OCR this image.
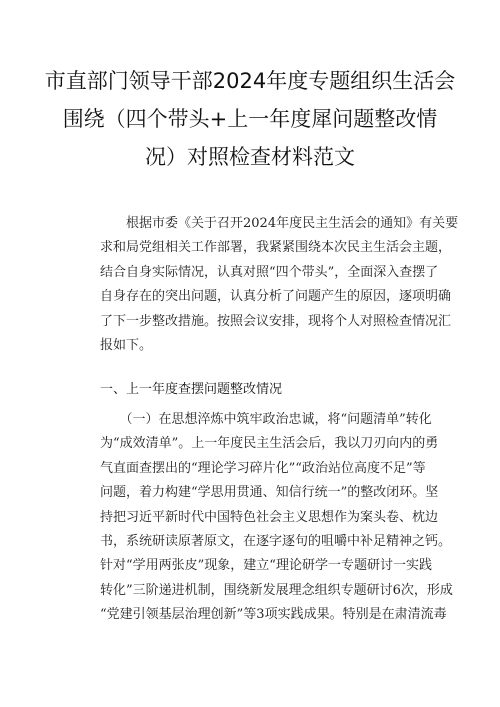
市直部门领导干部2024年度专题组织生活会
围绕（四个带头+上一年度犀问题整改情
况）对照检查材料范文
　　根据市委《关于召开2024年度民主生活会的通知》有关要
求和局党组相关工作部署，我紧紧围绕本次民主生活会主题，
结合自身实际情况，认真对照“四个带头”，全面深入查摆了
自身存在的突出问题，认真分析了问题产生的原因，逐项明确
了下一步整改措施。按照会议安排，现将个人对照检查情况汇
报如下。
一、上一年度查摆问题整改情况
　　（一）在思想淬炼中筑牢政治忠诚，将“问题清单”转化
为“成效清单”。上一年度民主生活会后，我以刀刃向内的勇
气直面查摆出的“理论学习碎片化”“政治站位高度不足”等
问题，着力构建“学思用贯通、知信行统一”的整改闭环。坚
持把习近平新时代中国特色社会主义思想作为案头卷、枕边
书，系统研读原著原文，在逐字逐句的咀嚼中补足精神之钙。
针对“学用两张皮”现象，建立“理论研学一专题研讨一实践
转化”三阶递进机制，围绕新发展理念组织专题研讨6次，形成
“党建引领基层治理创新”等3项实践成果。特别是在肃清流毒
